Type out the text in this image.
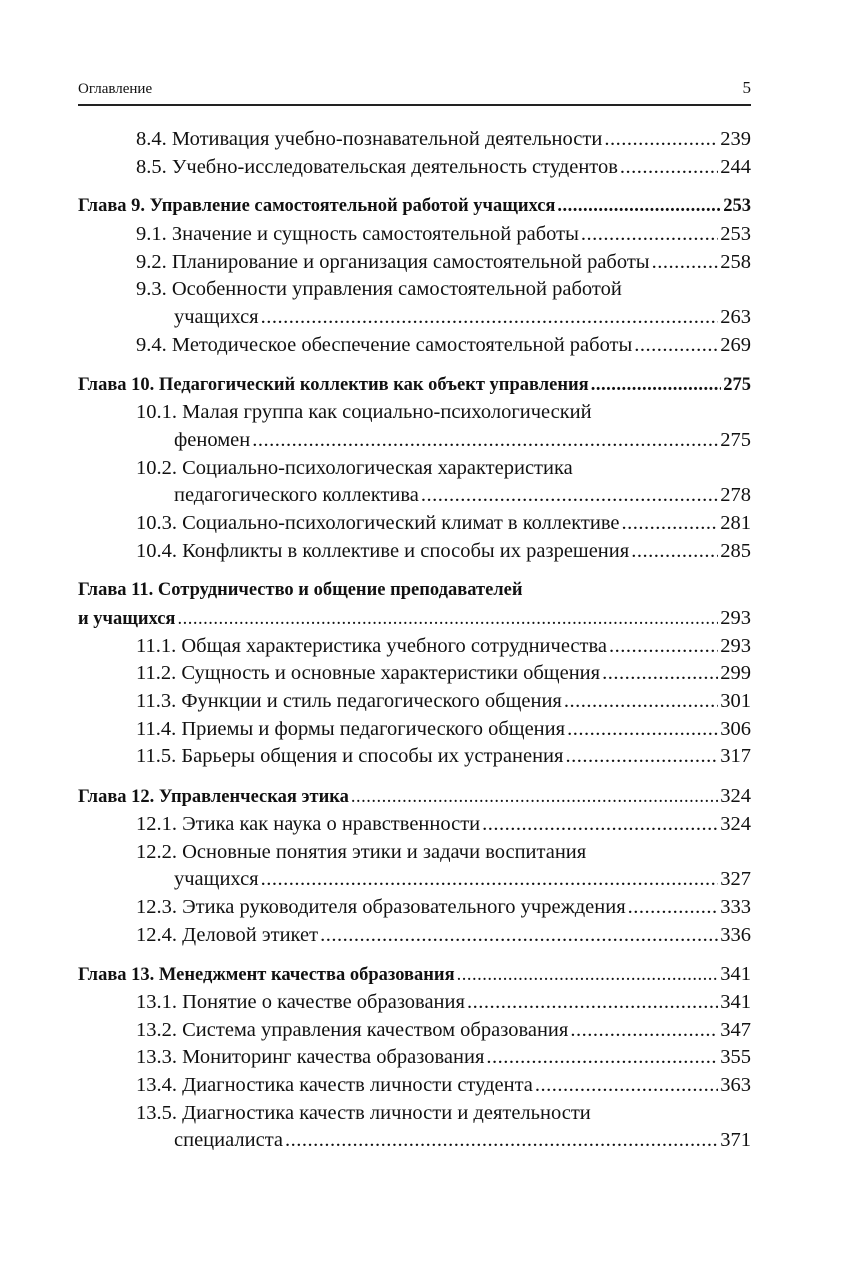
Оглавление	5
8.4. Мотивация учебно-познавательной деятельности .....	239
8.5. Учебно-исследовательская деятельность студентов .....	244
Глава 9. Управление самостоятельной работой учащихся .....	253
9.1. Значение и сущность самостоятельной работы .....	253
9.2. Планирование и организация самостоятельной работы .....	258
9.3. Особенности управления самостоятельной работой
учащихся .....	263
9.4. Методическое обеспечение самостоятельной работы .....	269
Глава 10. Педагогический коллектив как объект управления .....	275
10.1. Малая группа как социально-психологический
феномен .....	275
10.2. Социально-психологическая характеристика
педагогического коллектива .....	278
10.3. Социально-психологический климат в коллективе .....	281
10.4. Конфликты в коллективе и способы их разрешения .....	285
Глава 11. Сотрудничество и общение преподавателей
и учащихся .....	293
11.1. Общая характеристика учебного сотрудничества .....	293
11.2. Сущность и основные характеристики общения .....	299
11.3. Функции и стиль педагогического общения .....	301
11.4. Приемы и формы педагогического общения .....	306
11.5. Барьеры общения и способы их устранения .....	317
Глава 12. Управленческая этика .....	324
12.1. Этика как наука о нравственности .....	324
12.2. Основные понятия этики и задачи воспитания
учащихся .....	327
12.3. Этика руководителя образовательного учреждения .....	333
12.4. Деловой этикет .....	336
Глава 13. Менеджмент качества образования .....	341
13.1. Понятие о качестве образования .....	341
13.2. Система управления качеством образования .....	347
13.3. Мониторинг качества образования .....	355
13.4. Диагностика качеств личности студента .....	363
13.5. Диагностика качеств личности и деятельности
специалиста .....	371
